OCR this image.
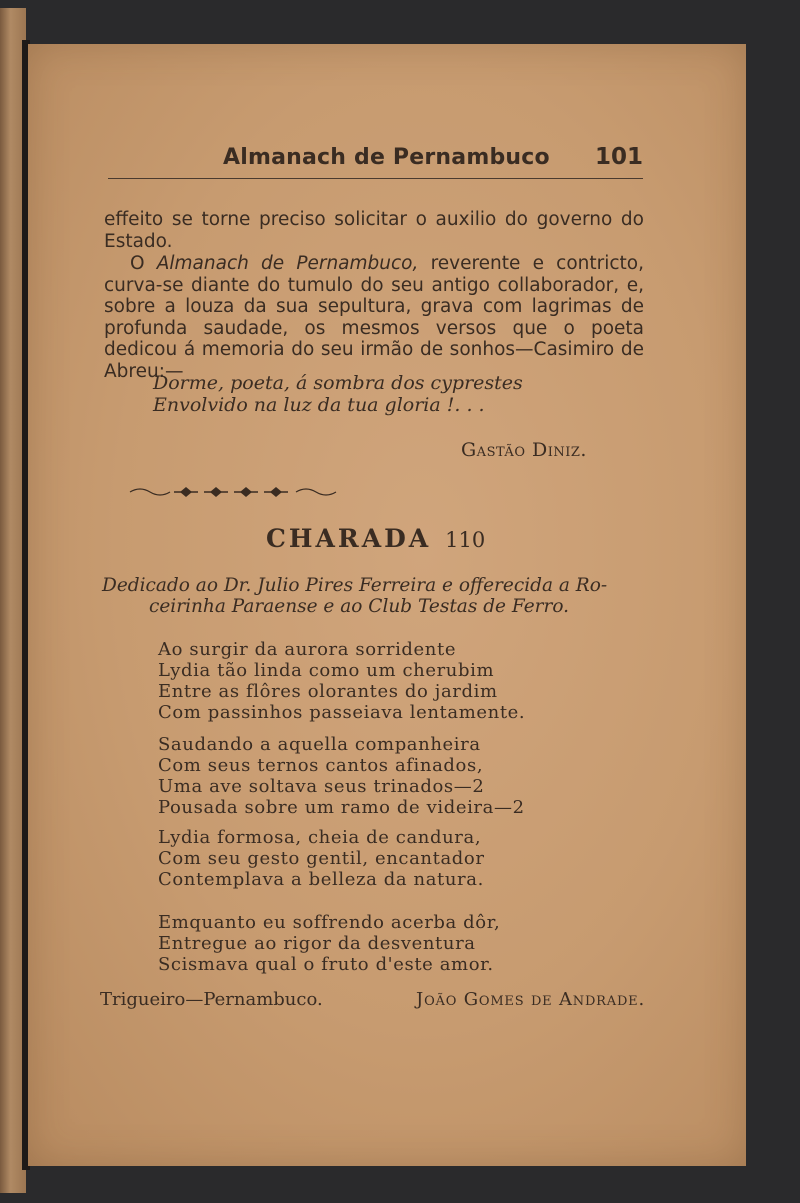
Almanach de Pernambuco 101
effeito se torne preciso solicitar o auxilio do governo do Estado.
O Almanach de Pernambuco, reverente e contricto, curva-se diante do tumulo do seu antigo collaborador, e, sobre a louza da sua sepultura, grava com lagrimas de profunda saudade, os mesmos versos que o poeta dedicou á memoria do seu irmão de sonhos—Casimiro de Abreu:—
Dorme, poeta, á sombra dos cyprestes
Envolvido na luz da tua gloria !. . .
Gastão Diniz.
CHARADA 110
Dedicado ao Dr. Julio Pires Ferreira e offerecida a Ro-
ceirinha Paraense e ao Club Testas de Ferro.
Ao surgir da aurora sorridente
Lydia tão linda como um cherubim
Entre as flôres olorantes do jardim
Com passinhos passeiava lentamente.
Saudando a aquella companheira
Com seus ternos cantos afinados,
Uma ave soltava seus trinados—2
Pousada sobre um ramo de videira—2
Lydia formosa, cheia de candura,
Com seu gesto gentil, encantador
Contemplava a belleza da natura.
Emquanto eu soffrendo acerba dôr,
Entregue ao rigor da desventura
Scismava qual o fruto d'este amor.
Trigueiro—Pernambuco.	João Gomes de Andrade.
